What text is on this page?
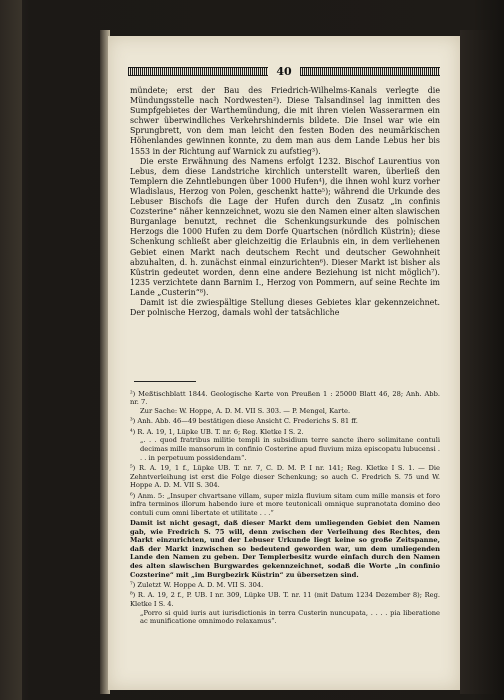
40

mündete; erst der Bau des Friedrich-Wilhelms-Kanals verlegte die Mündungsstelle nach Nordwesten²). Diese Talsandinsel lag inmitten des Sumpfgebietes der Warthemündung, die mit ihren vielen Wasserarmen ein schwer überwindliches Verkehrshindernis bildete. Die Insel war wie ein Sprungbrett, von dem man leicht den festen Boden des neumärkischen Höhenlandes gewinnen konnte, zu dem man aus dem Lande Lebus her bis 1553 in der Richtung auf Warnick zu aufstieg³).

Die erste Erwähnung des Namens erfolgt 1232. Bischof Laurentius von Lebus, dem diese Landstriche kirchlich unterstellt waren, überließ den Templern die Zehntlebungen über 1000 Hufen⁴), die ihnen wohl kurz vorher Wladislaus, Herzog von Polen, geschenkt hatte⁵); während die Urkunde des Lebuser Bischofs die Lage der Hufen durch den Zusatz „in confinis Cozsterine“ näher kennzeichnet, wozu sie den Namen einer alten slawischen Burganlage benutzt, rechnet die Schenkungsurkunde des polnischen Herzogs die 1000 Hufen zu dem Dorfe Quartschen (nördlich Küstrin); diese Schenkung schließt aber gleichzeitig die Erlaubnis ein, in dem verliehenen Gebiet einen Markt nach deutschem Recht und deutscher Gewohnheit abzuhalten, d. h. zunächst einmal einzurichten⁶). Dieser Markt ist bisher als Küstrin gedeutet worden, denn eine andere Beziehung ist nicht möglich⁷). 1235 verzichtete dann Barnim I., Herzog von Pommern, auf seine Rechte im Lande „Custerin“⁸).

Damit ist die zwiespältige Stellung dieses Gebietes klar gekennzeichnet. Der polnische Herzog, damals wohl der tatsächliche

²) Meßtischblatt 1844. Geologische Karte von Preußen 1 : 25000 Blatt 46, 28; Anh. Abb. nr. 7.

Zur Sache: W. Hoppe, A. D. M. VII S. 303. — P. Mengel, Karte.

³) Anh. Abb. 46—49 bestätigen diese Ansicht C. Frederichs S. 81 ff.

⁴) R. A. 19, 1, Lüpke UB. T. nr. 6; Reg. Kletke I S. 2.

„. . . quod fratribus militie templi in subsidium terre sancte ihero solimitane contuli decimas mille mansorum in confinio Costerine apud fluvium miza episcopatu lubucensi . . . in perpetuum possidendam“.

⁵) R. A. 19, 1 f., Lüpke UB. T. nr. 7, C. D. M. P. I nr. 141; Reg. Kletke I S. 1. — Die Zehntverleihung ist erst die Folge dieser Schenkung; so auch C. Fredrich S. 75 und W. Hoppe A. D. M. VII S. 304.

⁶) Anm. 5: „Insuper chvartsane villam, super mizla fluvium sitam cum mille mansis et foro infra terminos illorum habendo iure et more teutonicali omnique supranotata domino deo contuli cum omni libertate et utilitate . . .“

Damit ist nicht gesagt, daß dieser Markt dem umliegenden Gebiet den Namen gab, wie Fredrich S. 75 will, denn zwischen der Verleihung des Rechtes, den Markt einzurichten, und der Lebuser Urkunde liegt keine so große Zeitspanne, daß der Markt inzwischen so bedeutend geworden war, um dem umliegenden Lande den Namen zu geben. Der Templerbesitz wurde einfach durch den Namen des alten slawischen Burgwardes gekennzeichnet, sodaß die Worte „in confinio Cozsterine“ mit „im Burgbezirk Küstrin“ zu übersetzen sind.

⁷) Zuletzt W. Hoppe A. D. M. VII S. 304.

⁸) R. A. 19, 2 f., P. UB. I nr. 309, Lüpke UB. T. nr. 11 (mit Datum 1234 Dezember 8); Reg. Kletke I S. 4.

„Porro si quid iuris aut iurisdictionis in terra Custerin nuncupata, . . . . pia liberatione ac munificatione omnimodo relaxamus“.
